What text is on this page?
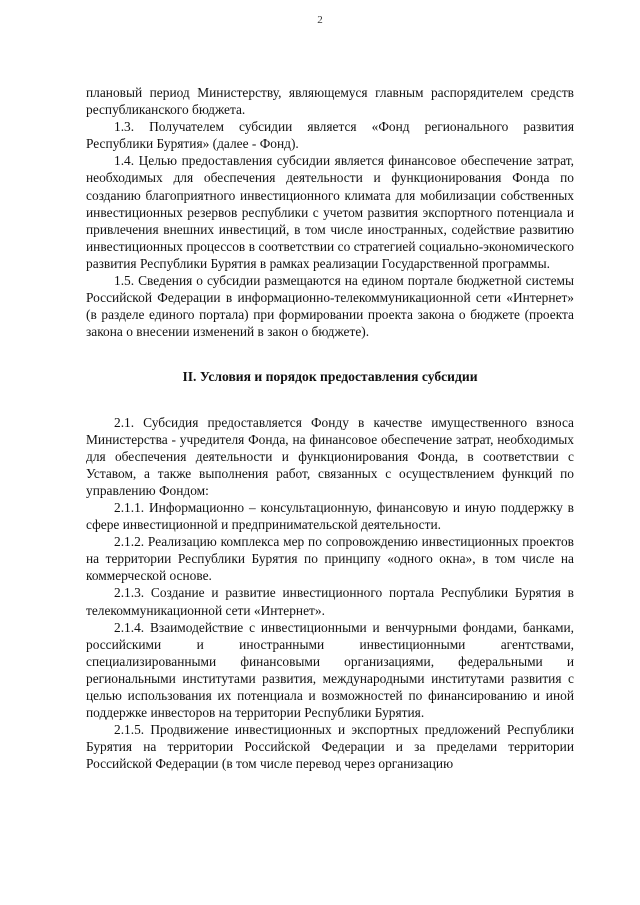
2

плановый период Министерству, являющемуся главным распорядителем средств республиканского бюджета.

1.3. Получателем субсидии является «Фонд регионального развития Республики Бурятия» (далее - Фонд).

1.4. Целью предоставления субсидии является финансовое обеспечение затрат, необходимых для обеспечения деятельности и функционирования Фонда по созданию благоприятного инвестиционного климата для мобилизации собственных инвестиционных резервов республики с учетом развития экспортного потенциала и привлечения внешних инвестиций, в том числе иностранных, содействие развитию инвестиционных процессов в соответствии со стратегией социально-экономического развития Республики Бурятия в рамках реализации Государственной программы.

1.5. Сведения о субсидии размещаются на едином портале бюджетной системы Российской Федерации в информационно-телекоммуникационной сети «Интернет» (в разделе единого портала) при формировании проекта закона о бюджете (проекта закона о внесении изменений в закон о бюджете).

II. Условия и порядок предоставления субсидии

2.1. Субсидия предоставляется Фонду в качестве имущественного взноса Министерства - учредителя Фонда, на финансовое обеспечение затрат, необходимых для обеспечения деятельности и функционирования Фонда, в соответствии с Уставом, а также выполнения работ, связанных с осуществлением функций по управлению Фондом:

2.1.1. Информационно – консультационную, финансовую и иную поддержку в сфере инвестиционной и предпринимательской деятельности.

2.1.2. Реализацию комплекса мер по сопровождению инвестиционных проектов на территории Республики Бурятия по принципу «одного окна», в том числе на коммерческой основе.

2.1.3. Создание и развитие инвестиционного портала Республики Бурятия в телекоммуникационной сети «Интернет».

2.1.4. Взаимодействие с инвестиционными и венчурными фондами, банками, российскими и иностранными инвестиционными агентствами, специализированными финансовыми организациями, федеральными и региональными институтами развития, международными институтами развития с целью использования их потенциала и возможностей по финансированию и иной поддержке инвесторов на территории Республики Бурятия.

2.1.5. Продвижение инвестиционных и экспортных предложений Республики Бурятия на территории Российской Федерации и за пределами территории Российской Федерации (в том числе перевод через организацию
